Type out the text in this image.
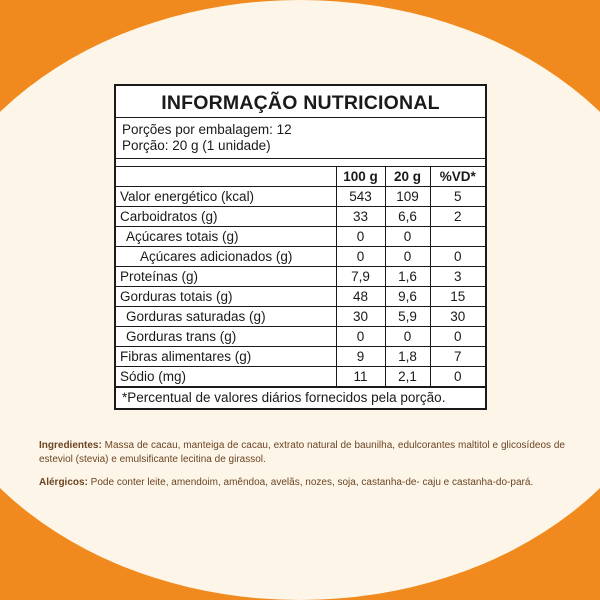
INFORMAÇÃO NUTRICIONAL
Porções por embalagem: 12
Porção: 20 g (1 unidade)
	100 g	20 g	%VD*
Valor energético (kcal)	543	109	5
Carboidratos (g)	33	6,6	2
Açúcares totais (g)	0	0	
Açúcares adicionados (g)	0	0	0
Proteínas (g)	7,9	1,6	3
Gorduras totais (g)	48	9,6	15
Gorduras saturadas (g)	30	5,9	30
Gorduras trans (g)	0	0	0
Fibras alimentares (g)	9	1,8	7
Sódio (mg)	11	2,1	0
*Percentual de valores diários fornecidos pela porção.
Ingredientes: Massa de cacau, manteiga de cacau, extrato natural de baunilha, edulcorantes maltitol e glicosídeos de esteviol (stevia) e emulsificante lecitina de girassol.
Alérgicos: Pode conter leite, amendoim, amêndoa, avelãs, nozes, soja, castanha-de- caju e castanha-do-pará.
